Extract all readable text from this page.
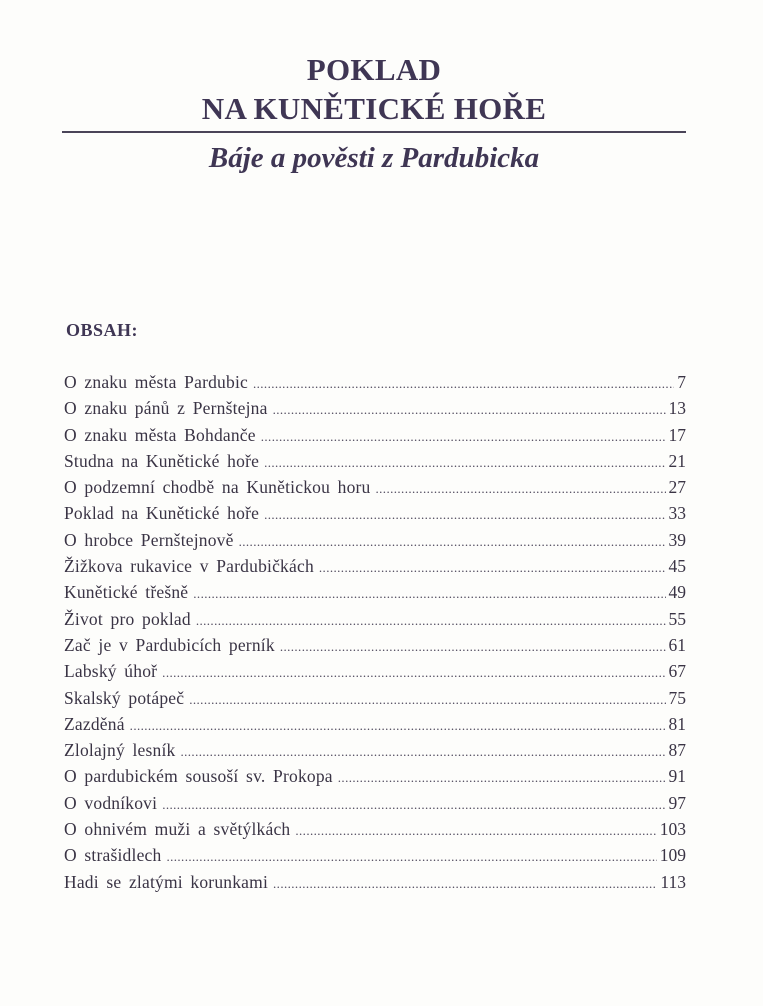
POKLAD
NA KUNĚTICKÉ HOŘE
Báje a pověsti z Pardubicka
OBSAH:
O znaku města Pardubic .....	7
O znaku pánů z Pernštejna .....	13
O znaku města Bohdanče .....	17
Studna na Kunětické hoře .....	21
O podzemní chodbě na Kunětickou horu .....	27
Poklad na Kunětické hoře .....	33
O hrobce Pernštejnově .....	39
Žižkova rukavice v Pardubičkách .....	45
Kunětické třešně .....	49
Život pro poklad .....	55
Zač je v Pardubicích perník .....	61
Labský úhoř .....	67
Skalský potápeč .....	75
Zazděná .....	81
Zlolajný lesník .....	87
O pardubickém sousoší sv. Prokopa .....	91
O vodníkovi .....	97
O ohnivém muži a světýlkách .....	103
O strašidlech .....	109
Hadi se zlatými korunkami .....	113
